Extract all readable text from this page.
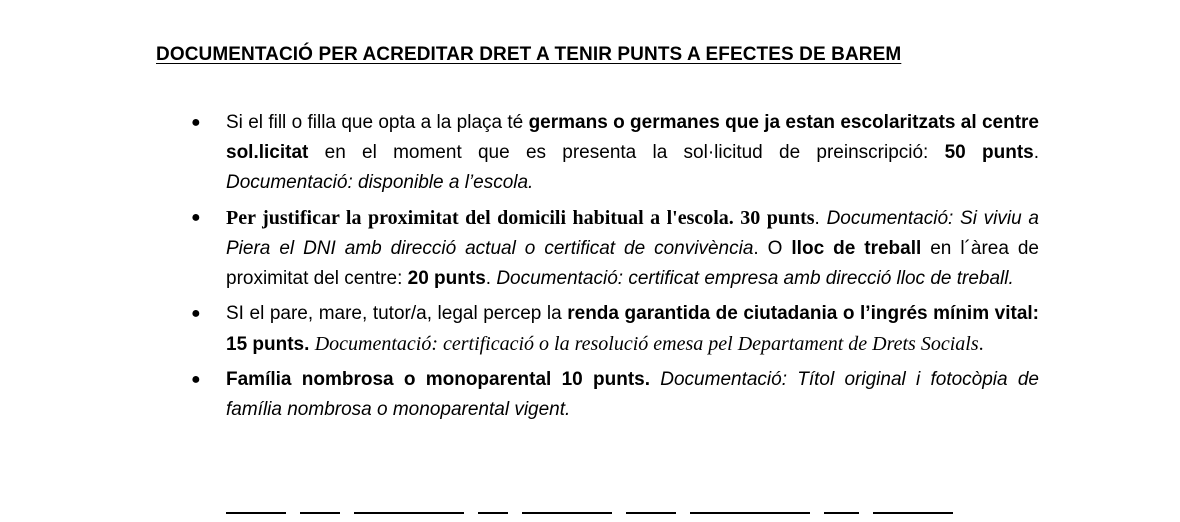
DOCUMENTACIÓ PER ACREDITAR DRET A TENIR PUNTS A EFECTES DE BAREM
● Si el fill o filla que opta a la plaça té germans o germanes que ja estan escolaritzats al centre sol.licitat en el moment que es presenta la sol·licitud de preinscripció: 50 punts. Documentació: disponible a l’escola.

● Per justificar la proximitat del domicili habitual a l'escola. 30 punts. Documentació: Si viviu a Piera el DNI amb direcció actual o certificat de convivència. O lloc de treball en l´àrea de proximitat del centre: 20 punts. Documentació: certificat empresa amb direcció lloc de treball.

● SI el pare, mare, tutor/a, legal percep la renda garantida de ciutadania o l’ingrés mínim vital: 15 punts. Documentació: certificació o la resolució emesa pel Departament de Drets Socials.

● Família nombrosa o monoparental 10 punts. Documentació: Títol original i fotocòpia de família nombrosa o monoparental vigent.
